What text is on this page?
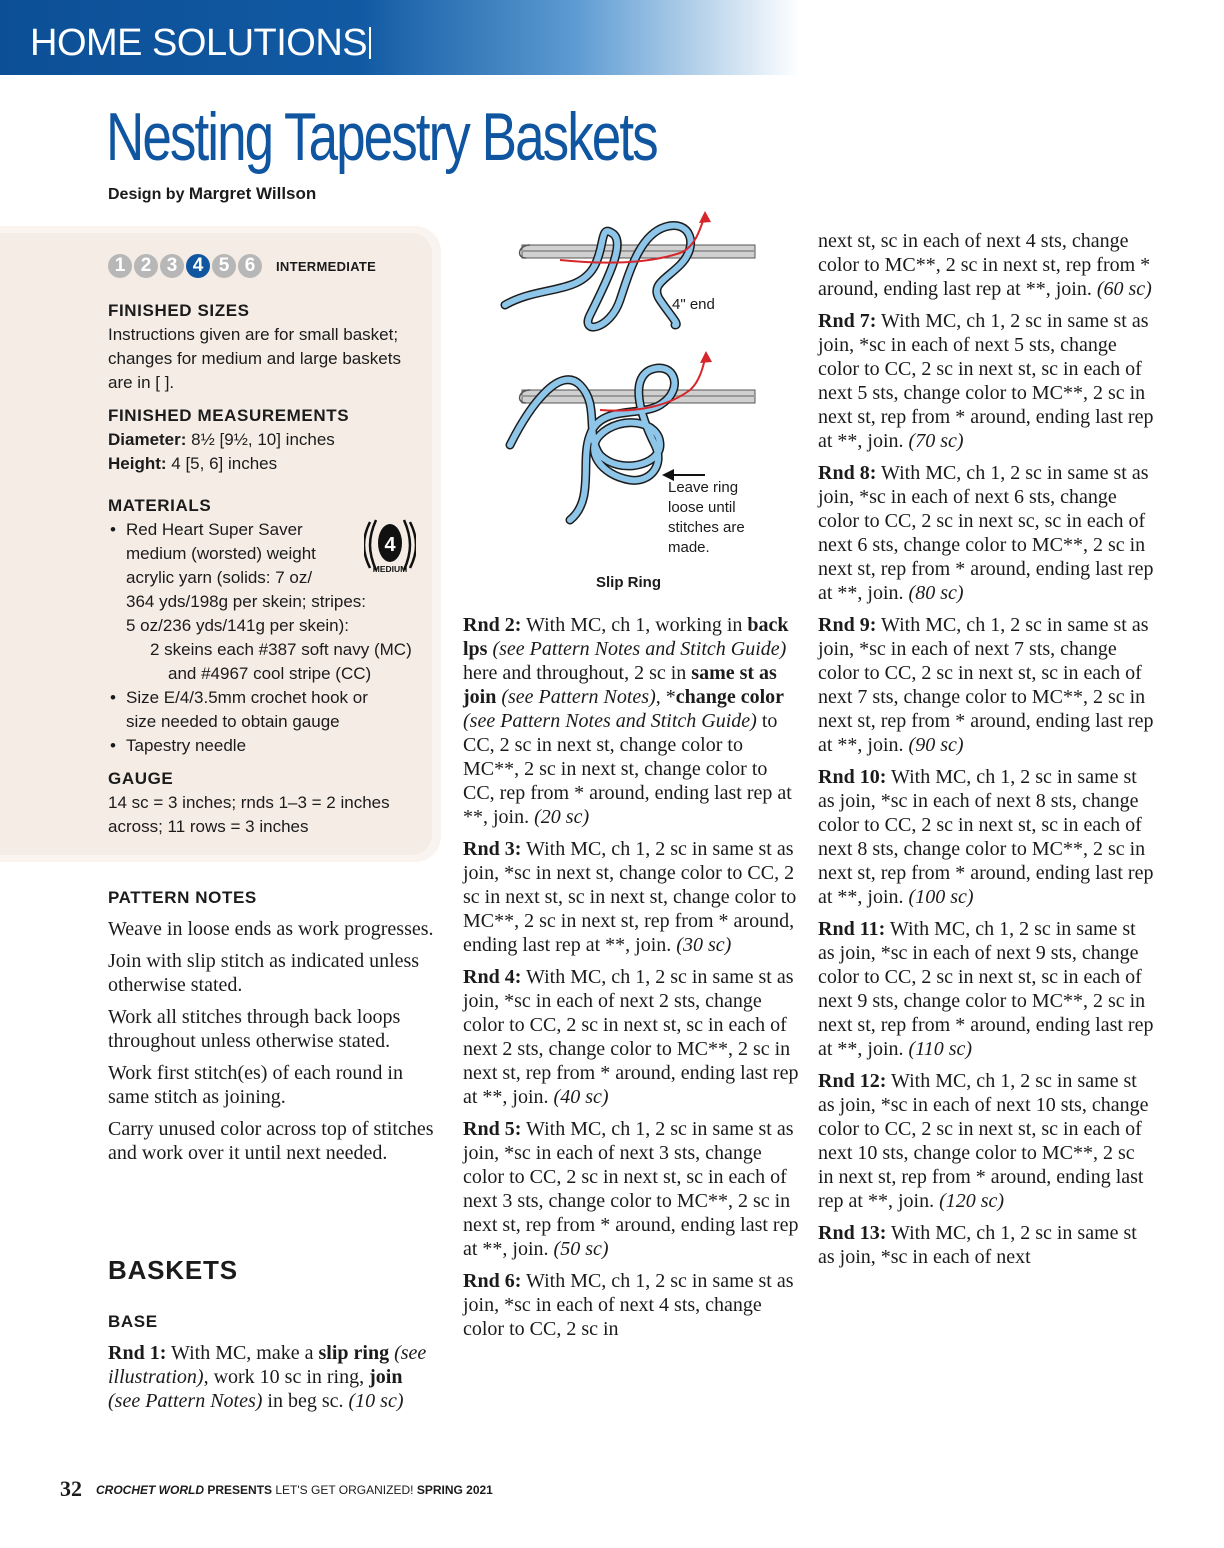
HOME SOLUTIONS
Nesting Tapestry Baskets
Design by Margret Willson
1 2 3 4 5 6	INTERMEDIATE
FINISHED SIZES
Instructions given are for small basket; changes for medium and large baskets are in [ ].
FINISHED MEASUREMENTS
Diameter: 8½ [9½, 10] inches
Height: 4 [5, 6] inches
MATERIALS
• Red Heart Super Saver
medium (worsted) weight
acrylic yarn (solids: 7 oz/
364 yds/198g per skein; stripes:
5 oz/236 yds/141g per skein):
2 skeins each #387 soft navy (MC)
and #4967 cool stripe (CC)
• Size E/4/3.5mm crochet hook or
size needed to obtain gauge
• Tapestry needle
4
MEDIUM
GAUGE
14 sc = 3 inches; rnds 1–3 = 2 inches
across; 11 rows = 3 inches
PATTERN NOTES

Weave in loose ends as work progresses.

Join with slip stitch as indicated unless otherwise stated.

Work all stitches through back loops throughout unless otherwise stated.

Work first stitch(es) of each round in same stitch as joining.

Carry unused color across top of stitches and work over it until next needed.

BASKETS
BASE
Rnd 1: With MC, make a slip ring (see illustration), work 10 sc in ring, join (see Pattern Notes) in beg sc. (10 sc)
4" end
Leave ring
loose until
stitches are
made.
Slip Ring

Rnd 2: With MC, ch 1, working in back lps (see Pattern Notes and Stitch Guide) here and throughout, 2 sc in same st as join (see Pattern Notes), *change color (see Pattern Notes and Stitch Guide) to CC, 2 sc in next st, change color to MC**, 2 sc in next st, change color to CC, rep from * around, ending last rep at **, join. (20 sc)

Rnd 3: With MC, ch 1, 2 sc in same st as join, *sc in next st, change color to CC, 2 sc in next st, sc in next st, change color to MC**, 2 sc in next st, rep from * around, ending last rep at **, join. (30 sc)

Rnd 4: With MC, ch 1, 2 sc in same st as join, *sc in each of next 2 sts, change color to CC, 2 sc in next st, sc in each of next 2 sts, change color to MC**, 2 sc in next st, rep from * around, ending last rep at **, join. (40 sc)

Rnd 5: With MC, ch 1, 2 sc in same st as join, *sc in each of next 3 sts, change color to CC, 2 sc in next st, sc in each of next 3 sts, change color to MC**, 2 sc in next st, rep from * around, ending last rep at **, join. (50 sc)

Rnd 6: With MC, ch 1, 2 sc in same st as join, *sc in each of next 4 sts, change color to CC, 2 sc in

next st, sc in each of next 4 sts, change color to MC**, 2 sc in next st, rep from * around, ending last rep at **, join. (60 sc)

Rnd 7: With MC, ch 1, 2 sc in same st as join, *sc in each of next 5 sts, change color to CC, 2 sc in next st, sc in each of next 5 sts, change color to MC**, 2 sc in next st, rep from * around, ending last rep at **, join. (70 sc)

Rnd 8: With MC, ch 1, 2 sc in same st as join, *sc in each of next 6 sts, change color to CC, 2 sc in next sc, sc in each of next 6 sts, change color to MC**, 2 sc in next st, rep from * around, ending last rep at **, join. (80 sc)

Rnd 9: With MC, ch 1, 2 sc in same st as join, *sc in each of next 7 sts, change color to CC, 2 sc in next st, sc in each of next 7 sts, change color to MC**, 2 sc in next st, rep from * around, ending last rep at **, join. (90 sc)

Rnd 10: With MC, ch 1, 2 sc in same st as join, *sc in each of next 8 sts, change color to CC, 2 sc in next st, sc in each of next 8 sts, change color to MC**, 2 sc in next st, rep from * around, ending last rep at **, join. (100 sc)

Rnd 11: With MC, ch 1, 2 sc in same st as join, *sc in each of next 9 sts, change color to CC, 2 sc in next st, sc in each of next 9 sts, change color to MC**, 2 sc in next st, rep from * around, ending last rep at **, join. (110 sc)

Rnd 12: With MC, ch 1, 2 sc in same st as join, *sc in each of next 10 sts, change color to CC, 2 sc in next st, sc in each of next 10 sts, change color to MC**, 2 sc in next st, rep from * around, ending last rep at **, join. (120 sc)

Rnd 13: With MC, ch 1, 2 sc in same st as join, *sc in each of next

32 CROCHET WORLD PRESENTS LET'S GET ORGANIZED! SPRING 2021
